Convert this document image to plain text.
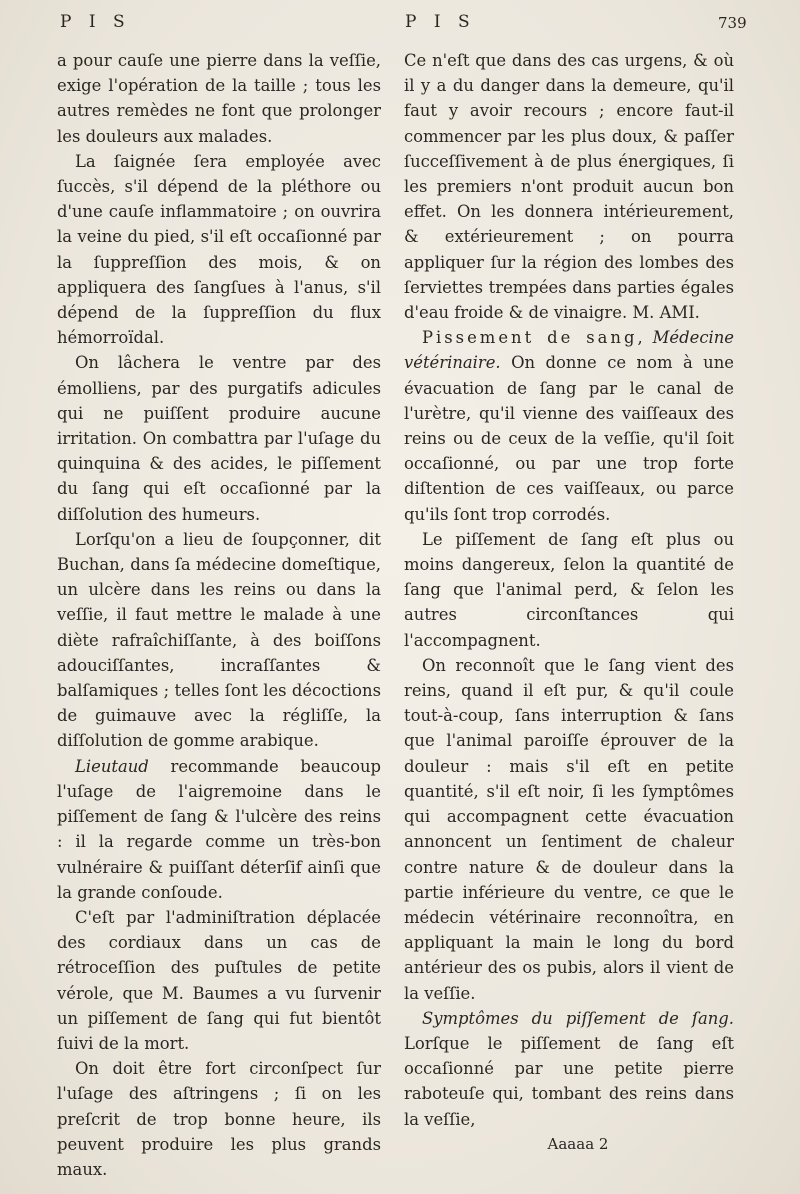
P I S	P I S	739

a pour cauſe une pierre dans la veſſie, exige l'opération de la taille ; tous les autres remèdes ne font que prolonger les douleurs aux malades.

La ſaignée ſera employée avec ſuccès, s'il dépend de la pléthore ou d'une cauſe inflammatoire ; on ouvrira la veine du pied, s'il eſt occaſionné par la ſuppreſſion des mois, & on appliquera des ſangſues à l'anus, s'il dépend de la ſuppreſſion du flux hémorroïdal.

On lâchera le ventre par des émolliens, par des purgatifs adicules qui ne puiſſent produire aucune irritation. On combattra par l'uſage du quinquina & des acides, le piſſement du ſang qui eſt occaſionné par la diſſolution des humeurs.

Lorſqu'on a lieu de ſoupçonner, dit Buchan, dans ſa médecine domeſtique, un ulcère dans les reins ou dans la veſſie, il faut mettre le malade à une diète rafraîchiſſante, à des boiſſons adouciſſantes, incraſſantes & balſamiques ; telles ſont les décoctions de guimauve avec la régliſſe, la diſſolution de gomme arabique.

Lieutaud recommande beaucoup l'uſage de l'aigremoine dans le piſſement de ſang & l'ulcère des reins : il la regarde comme un très-bon vulnéraire & puiſſant déterſif ainſi que la grande conſoude.

C'eſt par l'adminiſtration déplacée des cordiaux dans un cas de rétroceſſion des puſtules de petite vérole, que M. Baumes a vu ſurvenir un piſſement de ſang qui fut bientôt ſuivi de la mort.

On doit être fort circonſpect ſur l'uſage des aſtringens ; ſi on les preſcrit de trop bonne heure, ils peuvent produire les plus grands maux.

Ce n'eſt que dans des cas urgens, & où il y a du danger dans la demeure, qu'il faut y avoir recours ; encore faut-il commencer par les plus doux, & paſſer ſucceſſivement à de plus énergiques, ſi les premiers n'ont produit aucun bon effet. On les donnera intérieurement, & extérieurement ; on pourra appliquer ſur la région des lombes des ſerviettes trempées dans parties égales d'eau froide & de vinaigre. M. AMI.

Pissement de sang, Médecine vétérinaire. On donne ce nom à une évacuation de ſang par le canal de l'urètre, qu'il vienne des vaiſſeaux des reins ou de ceux de la veſſie, qu'il ſoit occaſionné, ou par une trop forte diſtention de ces vaiſſeaux, ou parce qu'ils ſont trop corrodés.

Le piſſement de ſang eſt plus ou moins dangereux, ſelon la quantité de ſang que l'animal perd, & ſelon les autres circonſtances qui l'accompagnent.

On reconnoît que le ſang vient des reins, quand il eſt pur, & qu'il coule tout-à-coup, ſans interruption & ſans que l'animal paroiſſe éprouver de la douleur : mais s'il eſt en petite quantité, s'il eſt noir, ſi les ſymptômes qui accompagnent cette évacuation annoncent un ſentiment de chaleur contre nature & de douleur dans la partie inférieure du ventre, ce que le médecin vétérinaire reconnoîtra, en appliquant la main le long du bord antérieur des os pubis, alors il vient de la veſſie.

Symptômes du piſſement de ſang. Lorſque le piſſement de ſang eſt occaſionné par une petite pierre raboteuſe qui, tombant des reins dans la veſſie,

Aaaaa 2
